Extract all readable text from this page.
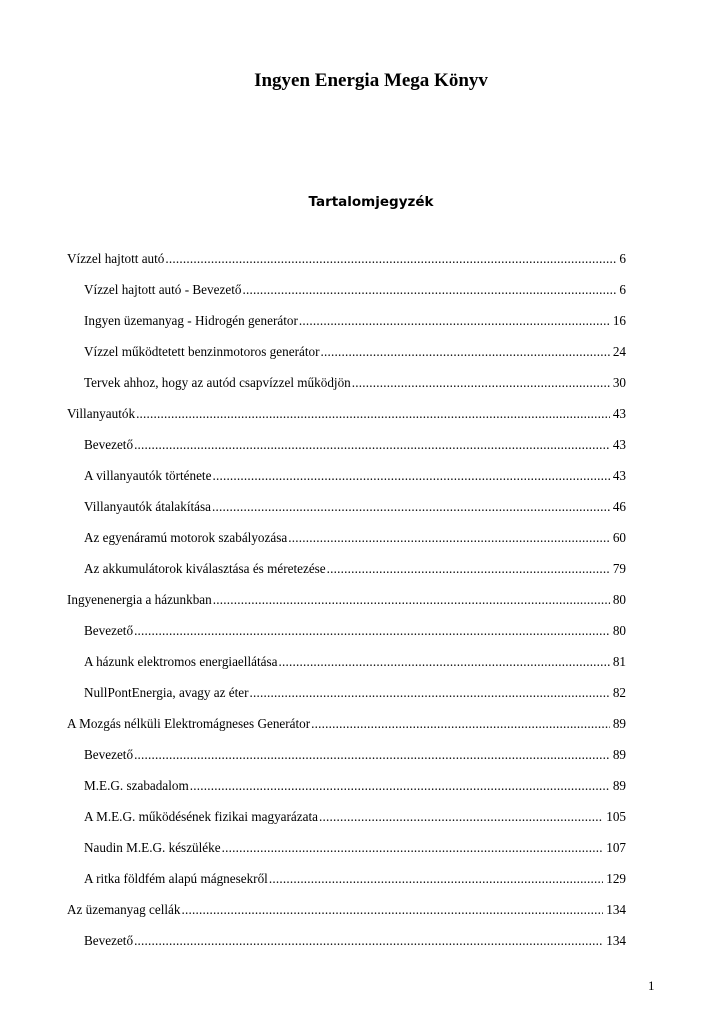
Ingyen Energia Mega Könyv
Tartalomjegyzék
Vízzel hajtott autó .....	6
Vízzel hajtott autó - Bevezető .....	6
Ingyen üzemanyag - Hidrogén generátor .....	16
Vízzel működtetett benzinmotoros generátor .....	24
Tervek ahhoz, hogy az autód csapvízzel működjön .....	30
Villanyautók .....	43
Bevezető .....	43
A villanyautók története .....	43
Villanyautók átalakítása .....	46
Az egyenáramú motorok szabályozása .....	60
Az akkumulátorok kiválasztása és méretezése .....	79
Ingyenenergia a házunkban .....	80
Bevezető .....	80
A házunk elektromos energiaellátása .....	81
NullPontEnergia, avagy az éter .....	82
A Mozgás nélküli Elektromágneses Generátor .....	89
Bevezető .....	89
M.E.G. szabadalom .....	89
A M.E.G. működésének fizikai magyarázata .....	105
Naudin M.E.G. készüléke .....	107
A ritka földfém alapú mágnesekről .....	129
Az üzemanyag cellák .....	134
Bevezető .....	134
1
